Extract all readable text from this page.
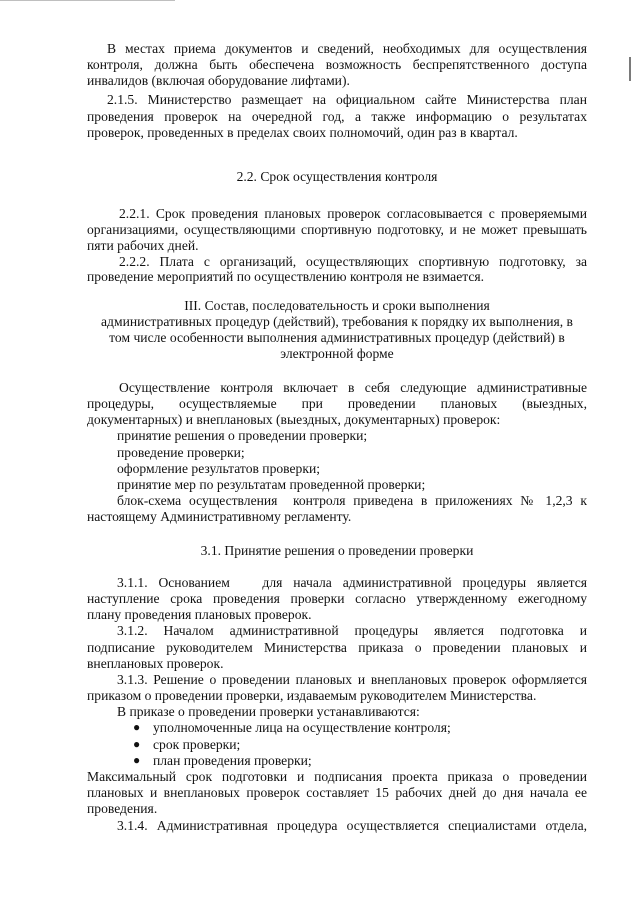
В местах приема документов и сведений, необходимых для осуществления
контроля, должна быть обеспечена возможность беспрепятственного доступа
инвалидов (включая оборудование лифтами).
2.1.5. Министерство размещает на официальном сайте Министерства план
проведения проверок на очередной год, а также информацию о результатах
проверок, проведенных в пределах своих полномочий, один раз в квартал.
2.2. Срок осуществления контроля
2.2.1. Срок проведения плановых проверок согласовывается с проверяемыми
организациями, осуществляющими спортивную подготовку, и не может превышать
пяти рабочих дней.
2.2.2. Плата с организаций, осуществляющих спортивную подготовку, за
проведение мероприятий по осуществлению контроля не взимается.
III. Состав, последовательность и сроки выполнения
административных процедур (действий), требования к порядку их выполнения, в
том числе особенности выполнения административных процедур (действий) в
электронной форме
Осуществление контроля включает в себя следующие административные
процедуры,    осуществляемые    при    проведении    плановых    (выездных,
документарных) и внеплановых (выездных, документарных) проверок:
принятие решения о проведении проверки;
проведение проверки;
оформление результатов проверки;
принятие мер по результатам проведенной проверки;
блок-схема осуществления  контроля приведена в приложениях № 1,2,3 к
настоящему Административному регламенту.
3.1. Принятие решения о проведении проверки
3.1.1. Основанием   для начала административной процедуры является
наступление срока проведения проверки согласно утвержденному ежегодному
плану проведения плановых проверок.
3.1.2. Началом административной процедуры является подготовка и
подписание руководителем Министерства приказа о проведении плановых и
внеплановых проверок.
3.1.3. Решение о проведении плановых и внеплановых проверок оформляется
приказом о проведении проверки, издаваемым руководителем Министерства.
В приказе о проведении проверки устанавливаются:
● уполномоченные лица на осуществление контроля;
● срок проверки;
● план проведения проверки;
Максимальный срок подготовки и подписания проекта приказа о проведении
плановых и внеплановых проверок составляет 15 рабочих дней до дня начала ее
проведения.
3.1.4. Административная процедура осуществляется специалистами отдела,
